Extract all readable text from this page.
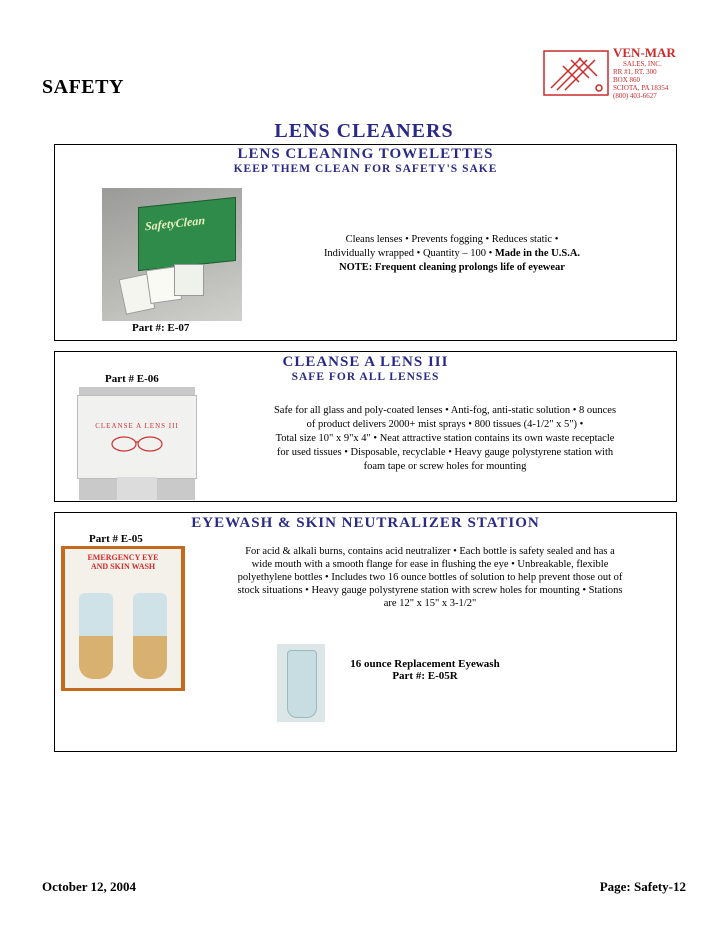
SAFETY
VEN-MAR
SALES, INC.
RR #1, RT. 300
BOX 860
SCIOTA, PA 18354
(800) 403-6627
LENS CLEANERS
LENS CLEANING TOWELETTES
KEEP THEM CLEAN FOR SAFETY'S SAKE
SafetyClean
Part #: E-07
Cleans lenses • Prevents fogging • Reduces static •
Individually wrapped • Quantity – 100 • Made in the U.S.A.
NOTE: Frequent cleaning prolongs life of eyewear
CLEANSE A LENS III
SAFE FOR ALL LENSES
Part # E-06
CLEANSE A LENS III
Safe for all glass and poly-coated lenses • Anti-fog, anti-static solution • 8 ounces
of product delivers 2000+ mist sprays • 800 tissues (4-1/2" x 5") •
Total size 10" x 9"x 4" • Neat attractive station contains its own waste receptacle
for used tissues • Disposable, recyclable • Heavy gauge polystyrene station with
foam tape or screw holes for mounting
EYEWASH & SKIN NEUTRALIZER STATION
Part # E-05
EMERGENCY EYE AND SKIN WASH
For acid & alkali burns, contains acid neutralizer • Each bottle is safety sealed and has a
wide mouth with a smooth flange for ease in flushing the eye • Unbreakable, flexible
polyethylene bottles • Includes two 16 ounce bottles of solution to help prevent those out of
stock situations • Heavy gauge polystyrene station with screw holes for mounting • Stations
are 12" x 15" x 3-1/2"
16 ounce Replacement Eyewash
Part #: E-05R
October 12, 2004	Page: Safety-12
